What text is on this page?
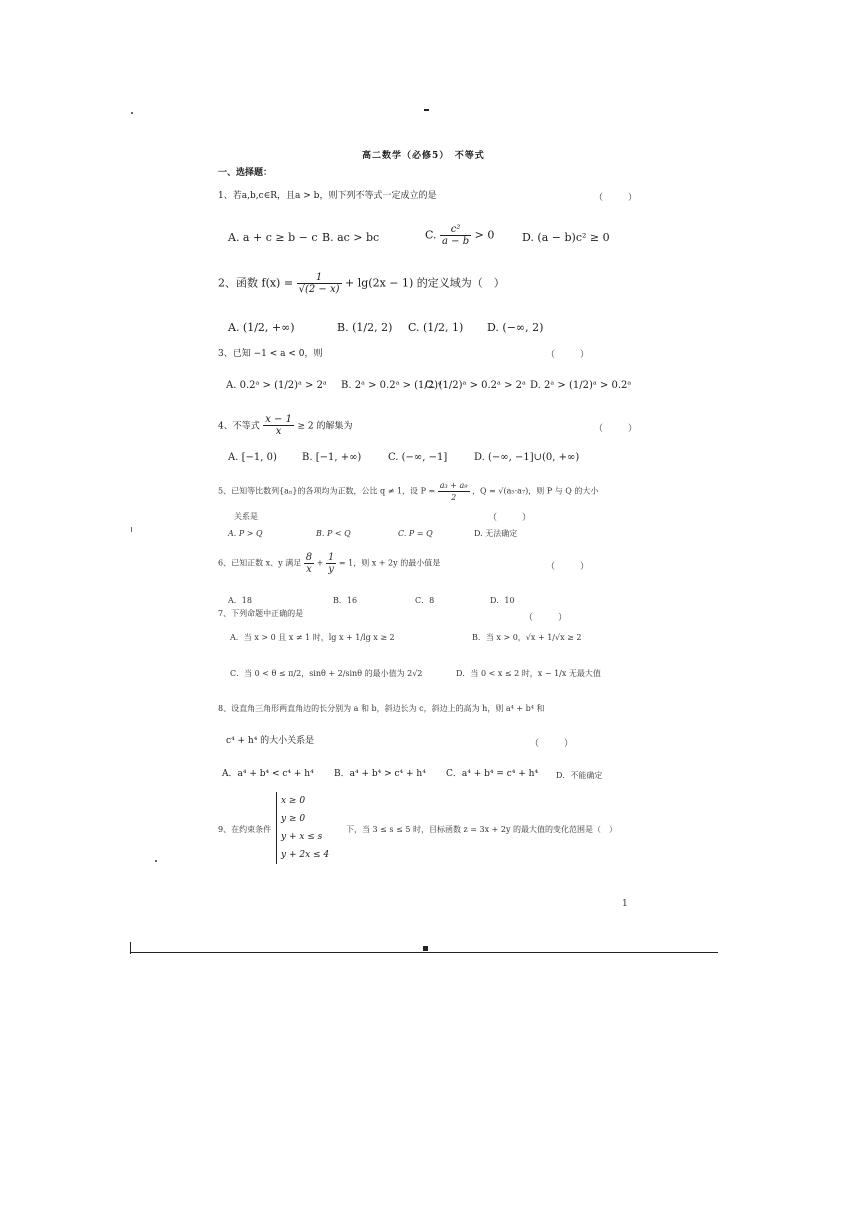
高二数学（必修5）　不等式
一、选择题：
1、若a,b,c∈R，且a > b，则下列不等式一定成立的是	（　）
A. a + c ≥ b − c B. ac > bc	C. $\frac{\text{c²}}{a - b} > 0$	D. (a − b)c² ≥ 0
2、函数 $f(x) = \frac{1}{√(2 - x)} + \lg(2x - 1)$ 的定义域为（　）
A. (1/2, +∞)	B. (1/2, 2) C. (1/2, 1) D. (−∞, 2)
3、已知 −1 < a < 0，则	（　）
A. 0.2ᵃ > (1/2)ᵃ > 2ᵃ B. 2ᵃ > 0.2ᵃ > (1/2)ᵃ
C. (1/2)ᵃ > 0.2ᵃ > 2ᵃ D. 2ᵃ > (1/2)ᵃ > 0.2ᵃ
4、不等式 $\frac{x - 1}{x} \ge 2$ 的解集为	（　）
A. [−1, 0)	B. [−1, +∞)	C. (−∞, −1]	D. (−∞, −1]∪(0, +∞)
5、已知等比数列{aₙ}的各项均为正数，公比 q ≠ 1，设 $P = \frac{\text{a₃ + a₉}}{2}$ ，Q = √(a₅·a₇)，则 P 与 Q 的大小
关系是	（　）
A. P > Q	B. P < Q	C. P = Q	D. 无法确定
6、已知正数 x、y 满足 $\frac{8}{x} + \frac{1}{y} = 1$，则 x + 2y 的最小值是	（　）
A．18	B．16	C．8	D．10
7、下列命题中正确的是	（　）
A．当 x > 0 且 x ≠ 1 时，lg x + 1/lg x ≥ 2	B．当 x > 0，√x + 1/√x ≥ 2
C．当 0 < θ ≤ π/2，sinθ + 2/sinθ 的最小值为 2√2	D．当 0 < x ≤ 2 时，x − 1/x 无最大值
8、设直角三角形两直角边的长分别为 a 和 b，斜边长为 c，斜边上的高为 h，则 a⁴ + b⁴ 和
c⁴ + h⁴ 的大小关系是	（　）
A．a⁴ + b⁴ < c⁴ + h⁴ B．a⁴ + b⁴ > c⁴ + h⁴ C．a⁴ + b⁴ = c⁴ + h⁴ D．不能确定
9、在约束条件
x ≥ 0
y ≥ 0
y + x ≤ s
y + 2x ≤ 4
下，当 3 ≤ s ≤ 5 时，目标函数 z = 3x + 2y 的最大值的变化范围是（　）
1
